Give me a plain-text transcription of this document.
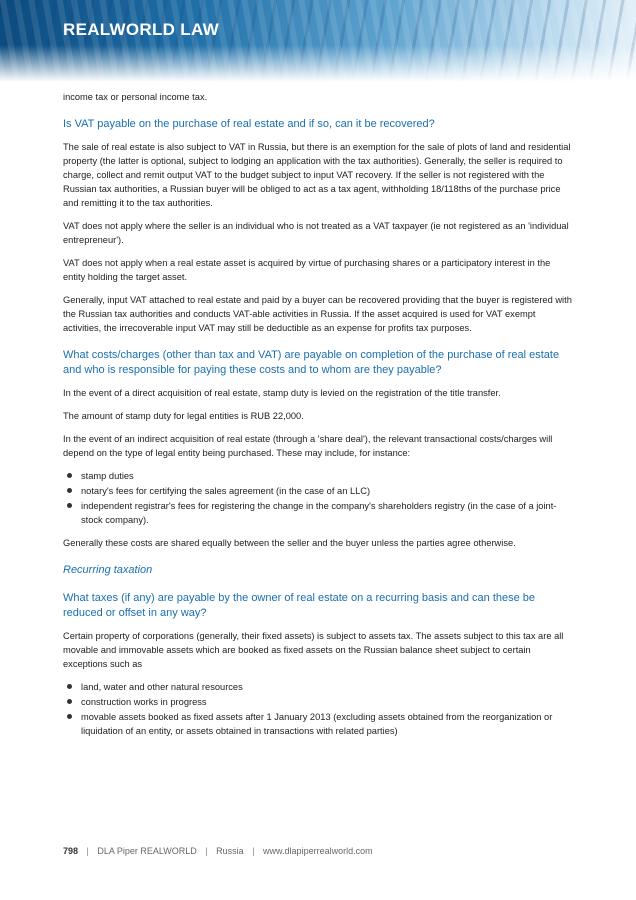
REALWORLD LAW

income tax or personal income tax.

Is VAT payable on the purchase of real estate and if so, can it be recovered?

The sale of real estate is also subject to VAT in Russia, but there is an exemption for the sale of plots of land and residential property (the latter is optional, subject to lodging an application with the tax authorities). Generally, the seller is required to charge, collect and remit output VAT to the budget subject to input VAT recovery. If the seller is not registered with the Russian tax authorities, a Russian buyer will be obliged to act as a tax agent, withholding 18/118ths of the purchase price and remitting it to the tax authorities.

VAT does not apply where the seller is an individual who is not treated as a VAT taxpayer (ie not registered as an 'individual entrepreneur').

VAT does not apply when a real estate asset is acquired by virtue of purchasing shares or a participatory interest in the entity holding the target asset.

Generally, input VAT attached to real estate and paid by a buyer can be recovered providing that the buyer is registered with the Russian tax authorities and conducts VAT-able activities in Russia. If the asset acquired is used for VAT exempt activities, the irrecoverable input VAT may still be deductible as an expense for profits tax purposes.

What costs/charges (other than tax and VAT) are payable on completion of the purchase of real estate and who is responsible for paying these costs and to whom are they payable?

In the event of a direct acquisition of real estate, stamp duty is levied on the registration of the title transfer.

The amount of stamp duty for legal entities is RUB 22,000.

In the event of an indirect acquisition of real estate (through a 'share deal'), the relevant transactional costs/charges will depend on the type of legal entity being purchased. These may include, for instance:

stamp duties
notary's fees for certifying the sales agreement (in the case of an LLC)
independent registrar's fees for registering the change in the company's shareholders registry (in the case of a joint-stock company).

Generally these costs are shared equally between the seller and the buyer unless the parties agree otherwise.

Recurring taxation
What taxes (if any) are payable by the owner of real estate on a recurring basis and can these be reduced or offset in any way?

Certain property of corporations (generally, their fixed assets) is subject to assets tax. The assets subject to this tax are all movable and immovable assets which are booked as fixed assets on the Russian balance sheet subject to certain exceptions such as

land, water and other natural resources
construction works in progress
movable assets booked as fixed assets after 1 January 2013 (excluding assets obtained from the reorganization or liquidation of an entity, or assets obtained in transactions with related parties)
798 | DLA Piper REALWORLD | Russia | www.dlapiperrealworld.com
